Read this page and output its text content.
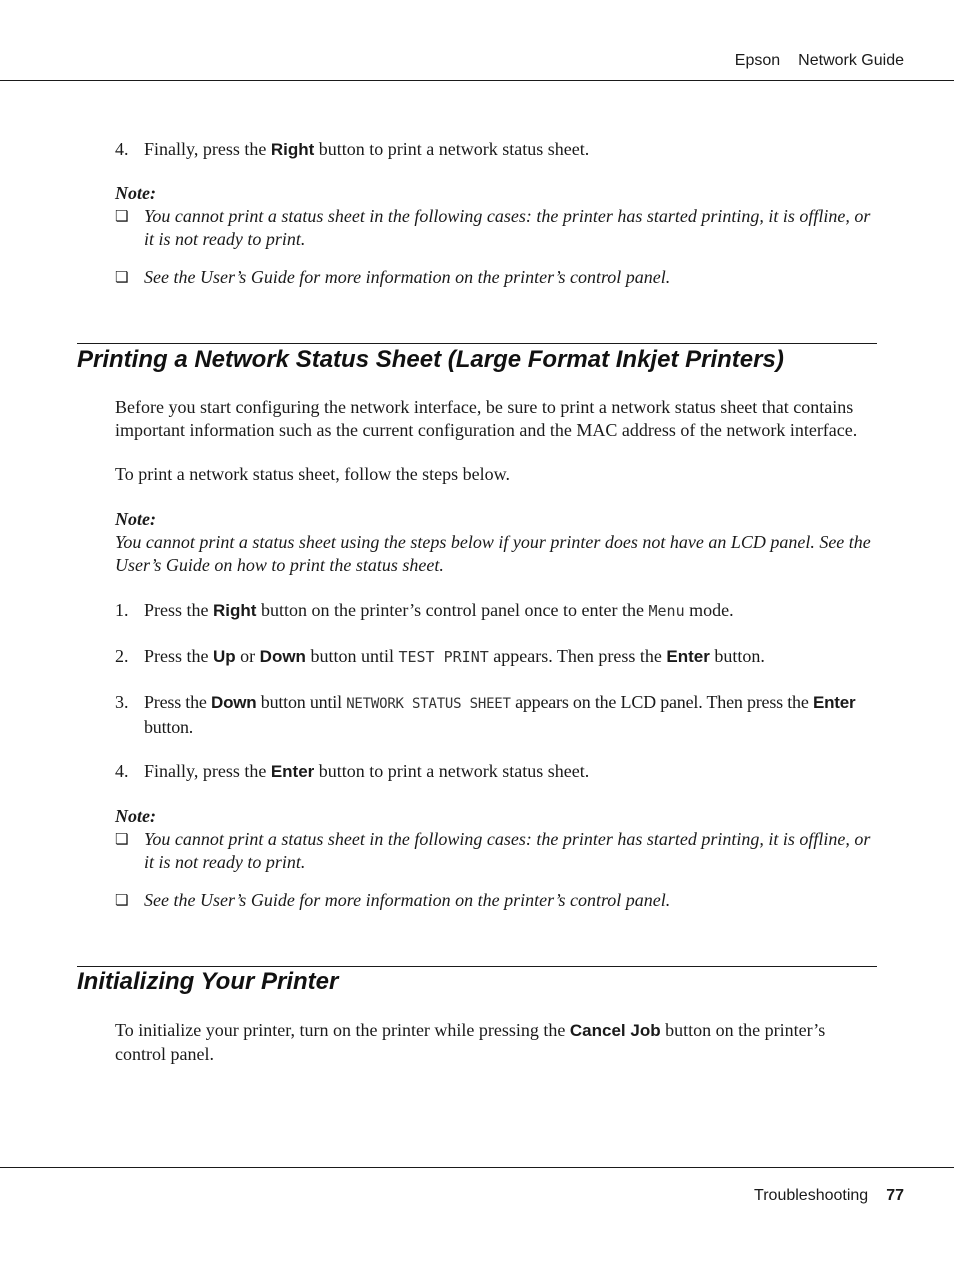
Epson Network Guide
4. Finally, press the Right button to print a network status sheet.
Note:
❏ You cannot print a status sheet in the following cases: the printer has started printing, it is offline, or it is not ready to print.
❏ See the User’s Guide for more information on the printer’s control panel.
Printing a Network Status Sheet (Large Format Inkjet Printers)
Before you start configuring the network interface, be sure to print a network status sheet that contains important information such as the current configuration and the MAC address of the network interface.
To print a network status sheet, follow the steps below.
Note:
You cannot print a status sheet using the steps below if your printer does not have an LCD panel. See the User’s Guide on how to print the status sheet.
1. Press the Right button on the printer’s control panel once to enter the Menu mode.
2. Press the Up or Down button until TEST PRINT appears. Then press the Enter button.
3. Press the Down button until NETWORK STATUS SHEET appears on the LCD panel. Then press the Enter button.
4. Finally, press the Enter button to print a network status sheet.
Note:
❏ You cannot print a status sheet in the following cases: the printer has started printing, it is offline, or it is not ready to print.
❏ See the User’s Guide for more information on the printer’s control panel.
Initializing Your Printer
To initialize your printer, turn on the printer while pressing the Cancel Job button on the printer’s control panel.
Troubleshooting 77
